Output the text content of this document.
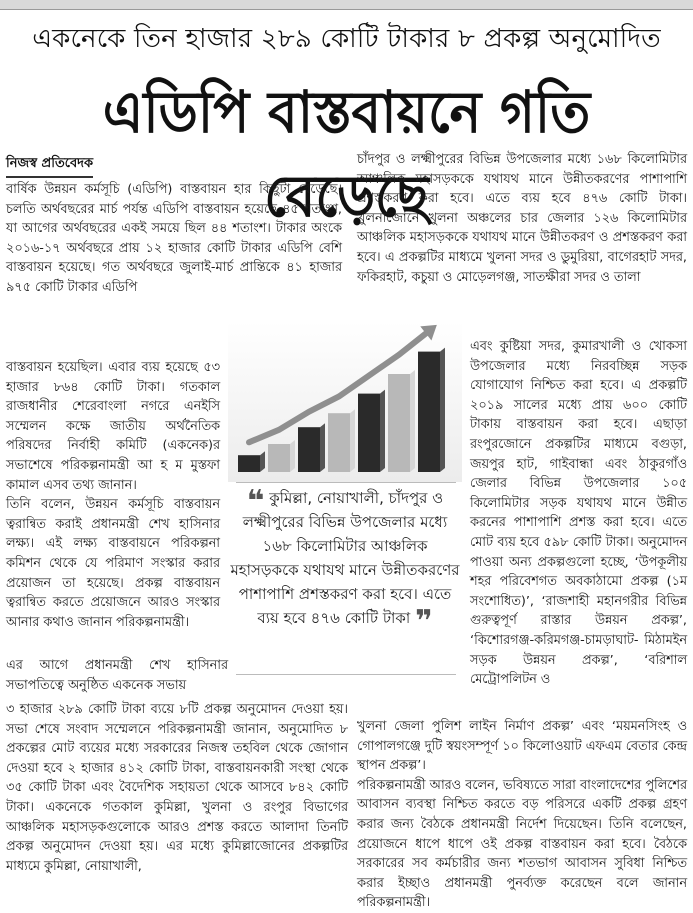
একনেকে তিন হাজার ২৮৯ কোটি টাকার ৮ প্রকল্প অনুমোদিত
এডিপি বাস্তবায়নে গতি বেড়েছে
নিজস্ব প্রতিবেদক

বার্ষিক উন্নয়ন কর্মসূচি (এডিপি) বাস্তবায়ন হার কিছুটা বেড়েছে। চলতি অর্থবছরের মার্চ পর্যন্ত এডিপি বাস্তবায়ন হয়েছে ৪৫ শতাংশ, যা আগের অর্থবছরের একই সময়ে ছিল ৪৪ শতাংশ। টাকার অংকে ২০১৬-১৭ অর্থবছরে প্রায় ১২ হাজার কোটি টাকার এডিপি বেশি বাস্তবায়ন হয়েছে। গত অর্থবছরে জুলাই-মার্চ প্রান্তিকে ৪১ হাজার ৯৭৫ কোটি টাকার এডিপি

বাস্তবায়ন হয়েছিল। এবার ব্যয় হয়েছে ৫৩ হাজার ৮৬৪ কোটি টাকা। গতকাল রাজধানীর শেরেবাংলা নগরে এনইসি সম্মেলন কক্ষে জাতীয় অর্থনৈতিক পরিষদের নির্বাহী কমিটি (একনেক)র সভাশেষে পরিকল্পনামন্ত্রী আ হ ম মুস্তফা কামাল এসব তথ্য জানান।

তিনি বলেন, উন্নয়ন কর্মসূচি বাস্তবায়ন ত্বরান্বিত করাই প্রধানমন্ত্রী শেখ হাসিনার লক্ষ্য। এই লক্ষ্য বাস্তবায়নে পরিকল্পনা কমিশন থেকে যে পরিমাণ সংস্কার করার প্রয়োজন তা হয়েছে। প্রকল্প বাস্তবায়ন ত্বরান্বিত করতে প্রয়োজনে আরও সংস্কার আনার কথাও জানান পরিকল্পনামন্ত্রী।

এর আগে প্রধানমন্ত্রী শেখ হাসিনার সভাপতিত্বে অনুষ্ঠিত একনেক সভায়

৩ হাজার ২৮৯ কোটি টাকা ব্যয়ে ৮টি প্রকল্প অনুমোদন দেওয়া হয়। সভা শেষে সংবাদ সম্মেলনে পরিকল্পনামন্ত্রী জানান, অনুমোদিত ৮ প্রকল্পের মোট ব্যয়ের মধ্যে সরকারের নিজস্ব তহবিল থেকে জোগান দেওয়া হবে ২ হাজার ৪১২ কোটি টাকা, বাস্তবায়নকারী সংস্থা থেকে ৩৫ কোটি টাকা এবং বৈদেশিক সহায়তা থেকে আসবে ৮৪২ কোটি টাকা। একনেকে গতকাল কুমিল্লা, খুলনা ও রংপুর বিভাগের আঞ্চলিক মহাসড়কগুলোকে আরও প্রশস্ত করতে আলাদা তিনটি প্রকল্প অনুমোদন দেওয়া হয়। এর মধ্যে কুমিল্লাজোনের প্রকল্পটির মাধ্যমে কুমিল্লা, নোয়াখালী,

চাঁদপুর ও লক্ষ্মীপুরের বিভিন্ন উপজেলার মধ্যে ১৬৮ কিলোমিটার আঞ্চলিক মহাসড়ককে যথাযথ মানে উন্নীতকরণের পাশাপাশি প্রশস্তকরণ করা হবে। এতে ব্যয় হবে ৪৭৬ কোটি টাকা। খুলনাজোনে খুলনা অঞ্চলের চার জেলার ১২৬ কিলোমিটার আঞ্চলিক মহাসড়ককে যথাযথ মানে উন্নীতকরণ ও প্রশস্তকরণ করা হবে। এ প্রকল্পটির মাধ্যমে খুলনা সদর ও ডুমুরিয়া, বাগেরহাট সদর, ফকিরহাট, কচুয়া ও মোড়েলগঞ্জ, সাতক্ষীরা সদর ও তালা

এবং কুষ্টিয়া সদর, কুমারখালী ও খোকসা উপজেলার মধ্যে নিরবচ্ছিন্ন সড়ক যোগাযোগ নিশ্চিত করা হবে। এ প্রকল্পটি ২০১৯ সালের মধ্যে প্রায় ৬০০ কোটি টাকায় বাস্তবায়ন করা হবে। এছাড়া রংপুরজোনে প্রকল্পটির মাধ্যমে বগুড়া, জয়পুর হাট, গাইবান্ধা এবং ঠাকুরগাঁও জেলার বিভিন্ন উপজেলার ১০৫ কিলোমিটার সড়ক যথাযথ মানে উন্নীত করনের পাশাপাশি প্রশস্ত করা হবে। এতে মোট ব্যয় হবে ৫৯৮ কোটি টাকা। অনুমোদন পাওয়া অন্য প্রকল্পগুলো হচ্ছে, ‘উপকূলীয় শহর পরিবেশগত অবকাঠামো প্রকল্প (১ম সংশোধিত)’, ‘রাজশাহী মহানগরীর বিভিন্ন গুরুত্বপূর্ণ রাস্তার উন্নয়ন প্রকল্প’, ‘কিশোরগঞ্জ-করিমগঞ্জ-চামড়াঘাট- মিঠামইন সড়ক উন্নয়ন প্রকল্প’, ‘বরিশাল মেট্রোপলিটন ও

খুলনা জেলা পুলিশ লাইন নির্মাণ প্রকল্প’ এবং ‘ময়মনসিংহ ও গোপালগঞ্জে দুটি স্বয়ংসম্পূর্ণ ১০ কিলোওয়াট এফএম বেতার কেন্দ্র স্থাপন প্রকল্প’।

পরিকল্পনামন্ত্রী আরও বলেন, ভবিষ্যতে সারা বাংলাদেশের পুলিশের আবাসন ব্যবস্থা নিশ্চিত করতে বড় পরিসরে একটি প্রকল্প গ্রহণ করার জন্য বৈঠকে প্রধানমন্ত্রী নির্দেশ দিয়েছেন। তিনি বলেছেন, প্রয়োজনে ধাপে ধাপে ওই প্রকল্প বাস্তবায়ন করা হবে। বৈঠকে সরকারের সব কর্মচারীর জন্য শতভাগ আবাসন সুবিধা নিশ্চিত করার ইচ্ছাও প্রধানমন্ত্রী পুনর্ব্যক্ত করেছেন বলে জানান পরিকল্পনামন্ত্রী।

❝ কুমিল্লা, নোয়াখালী, চাঁদপুর ও লক্ষ্মীপুরের বিভিন্ন উপজেলার মধ্যে ১৬৮ কিলোমিটার আঞ্চলিক মহাসড়ককে যথাযথ মানে উন্নীতকরণের পাশাপাশি প্রশস্তকরণ করা হবে। এতে ব্যয় হবে ৪৭৬ কোটি টাকা ❞
